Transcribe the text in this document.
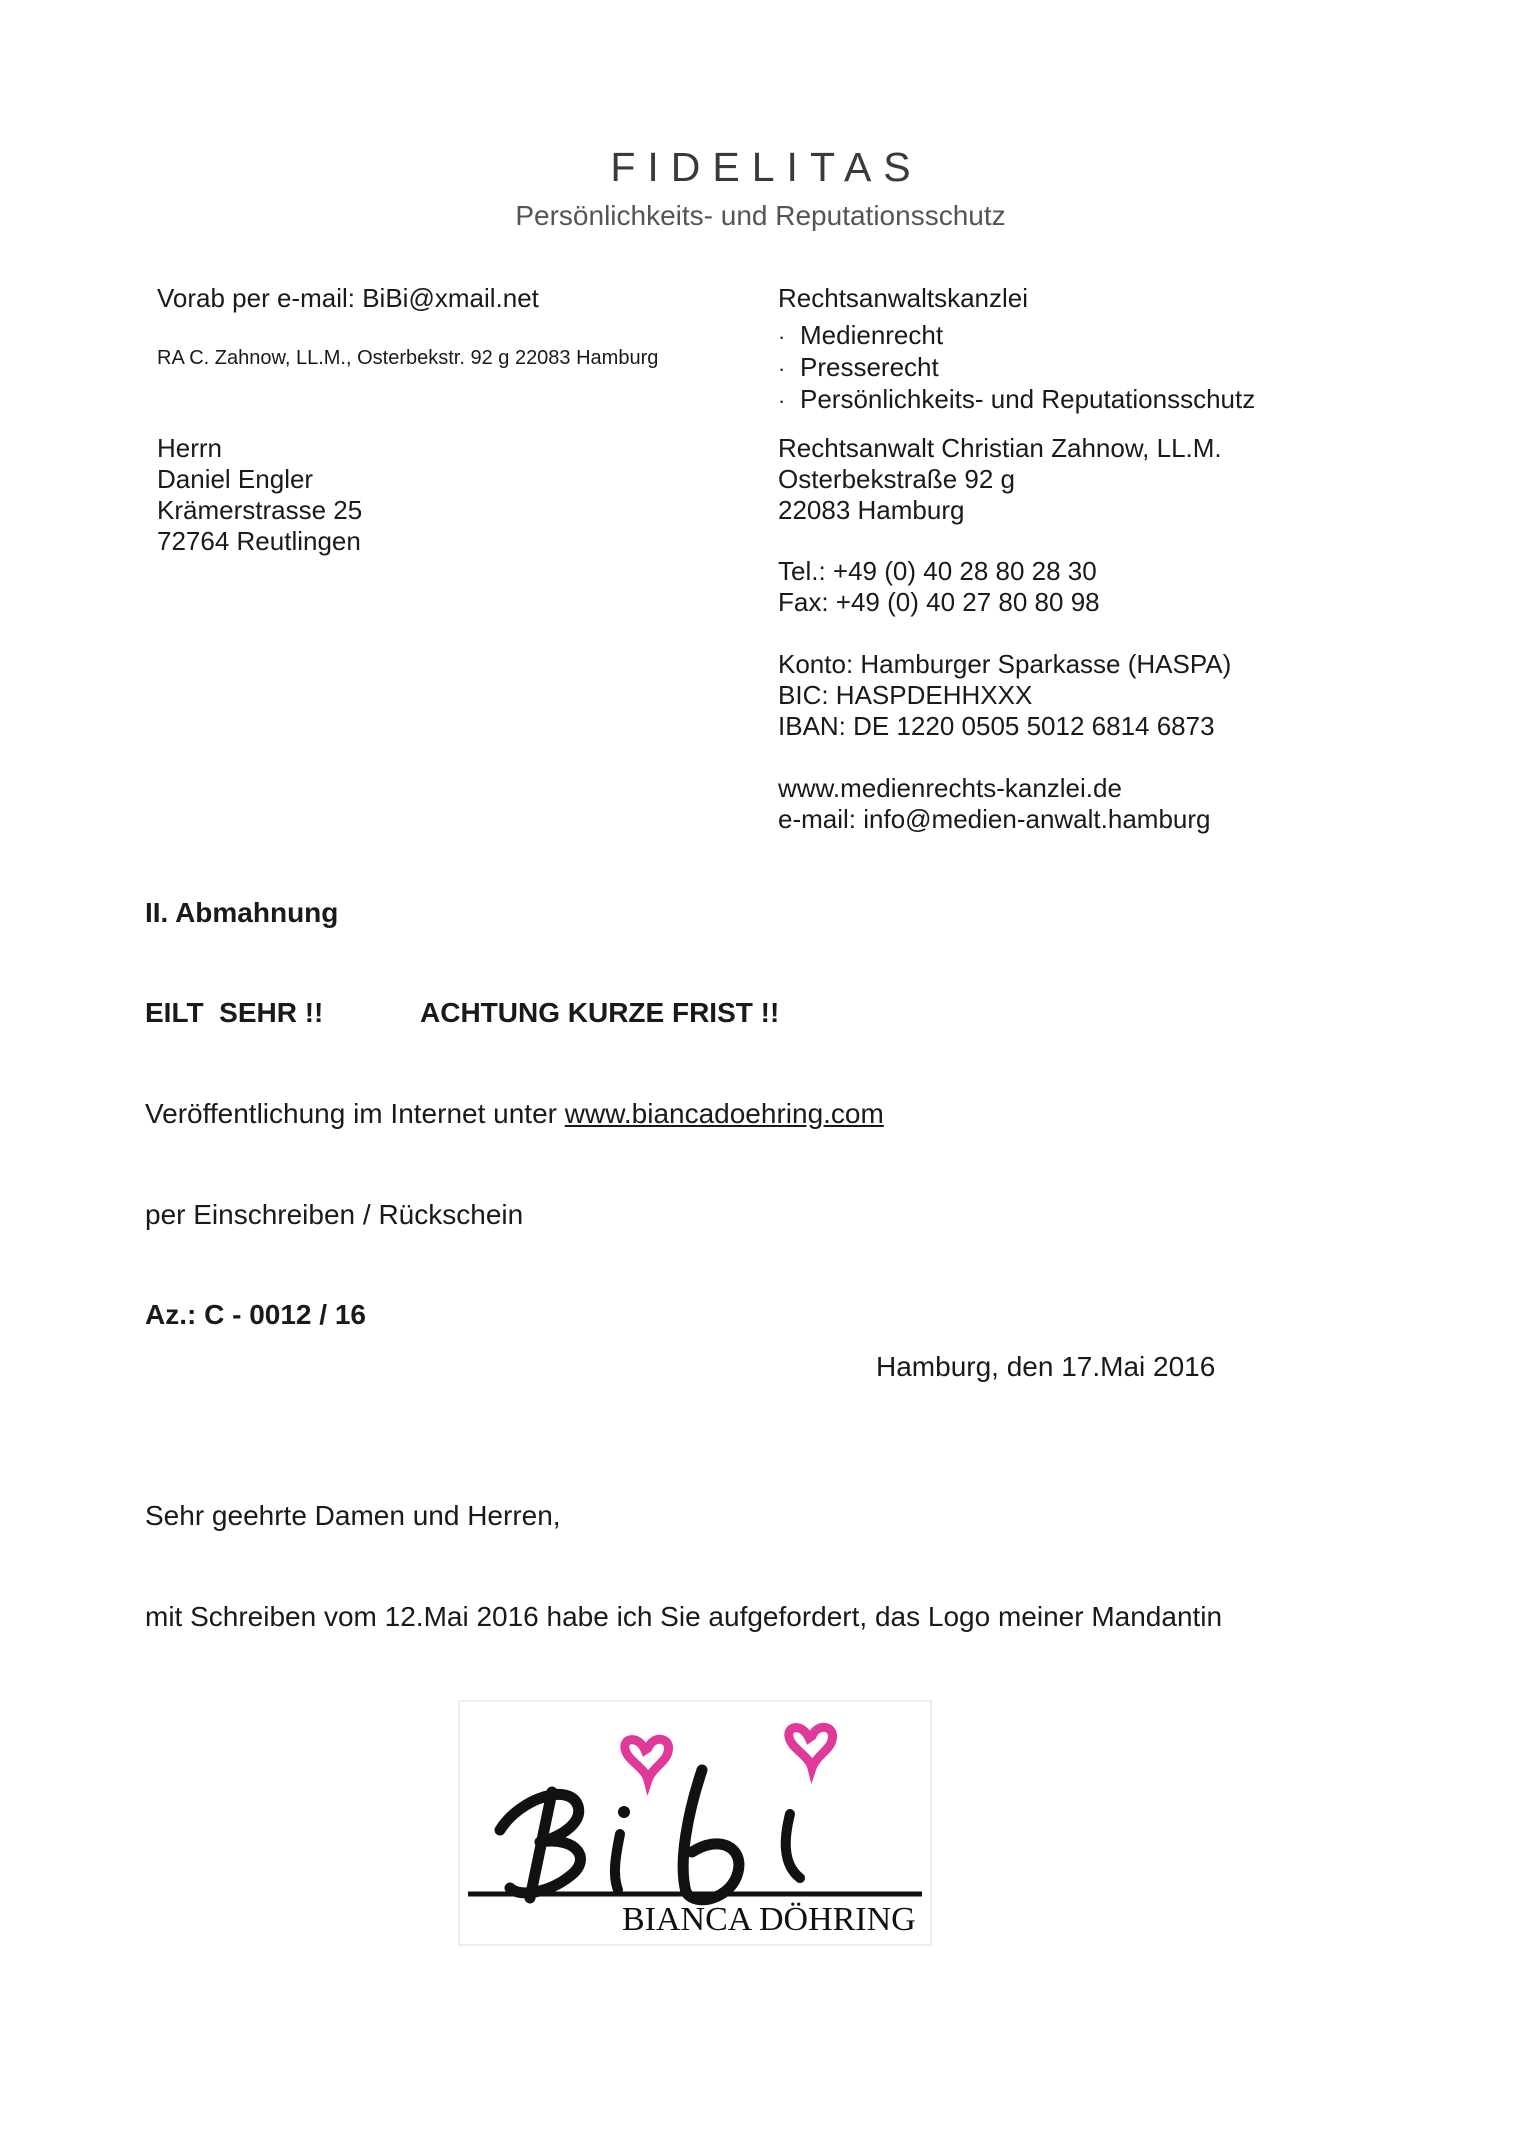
FIDELITAS
Persönlichkeits- und Reputationsschutz
Vorab per e-mail: BiBi@xmail.net
RA C. Zahnow, LL.M., Osterbekstr. 92 g 22083 Hamburg
Herrn
Daniel Engler
Krämerstrasse 25
72764 Reutlingen
Rechtsanwaltskanzlei
· Medienrecht
· Presserecht
· Persönlichkeits- und Reputationsschutz
Rechtsanwalt Christian Zahnow, LL.M.
Osterbekstraße 92 g
22083 Hamburg
Tel.: +49 (0) 40 28 80 28 30
Fax: +49 (0) 40 27 80 80 98
Konto: Hamburger Sparkasse (HASPA)
BIC: HASPDEHHXXX
IBAN: DE 1220 0505 5012 6814 6873
www.medienrechts-kanzlei.de
e-mail: info@medien-anwalt.hamburg
II. Abmahnung
EILT  SEHR !!	ACHTUNG KURZE FRIST !!
Veröffentlichung im Internet unter www.biancadoehring.com
per Einschreiben / Rückschein
Az.: C - 0012 / 16
Hamburg, den 17.Mai 2016
Sehr geehrte Damen und Herren,
mit Schreiben vom 12.Mai 2016 habe ich Sie aufgefordert, das Logo meiner Mandantin
BIANCA DÖHRING
